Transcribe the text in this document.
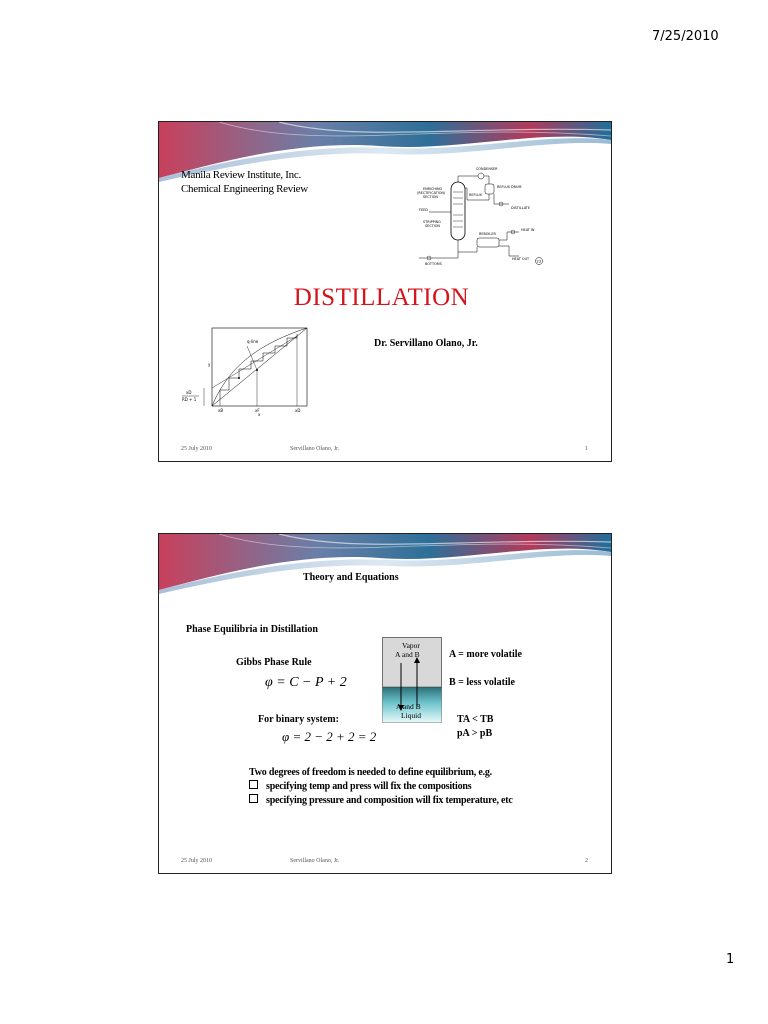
7/25/2010
Manila Review Institute, Inc.
Chemical Engineering Review
CONDENSER
ENRICHING
(RECTIFICATION)
SECTION
FEED
STRIPPING
SECTION
REFLUX
REFLUX DRUM
DISTILLATE
HEAT IN
REBOILER
BOTTOMS
HEAT OUT
23
DISTILLATION
Dr. Servillano Olano, Jr.
q-line
y
x
xB	xF	xD
xD
RD + 1
25 July 2010	Servillano Olano, Jr.	1
Theory and Equations
Phase Equilibria in Distillation
Gibbs Phase Rule
φ = C − P + 2
For binary system:
φ = 2 − 2 + 2 = 2
Vapor
A and B
A and B
Liquid
A = more volatile
B = less volatile
TA < TB
pA > pB
Two degrees of freedom is needed to define equilibrium, e.g.
specifying temp and press will fix the compositions
specifying pressure and composition will fix temperature, etc
25 July 2010	Servillano Olano, Jr.	2
1
